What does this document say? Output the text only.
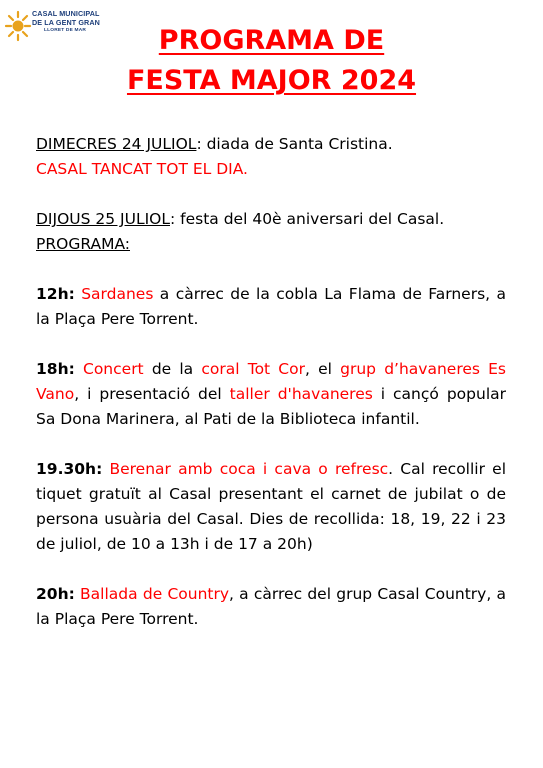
CASAL MUNICIPAL
DE LA GENT GRAN
LLORET DE MAR	PROGRAMA DE
FESTA MAJOR 2024

DIMECRES 24 JULIOL: diada de Santa Cristina.

CASAL TANCAT TOT EL DIA.

DIJOUS 25 JULIOL: festa del 40è aniversari del Casal.

PROGRAMA:

12h: Sardanes a càrrec de la cobla La Flama de Farners, a la Plaça Pere Torrent.

18h: Concert de la coral Tot Cor, el grup d’havaneres Es Vano, i presentació del taller d'havaneres i cançó popular Sa Dona Marinera, al Pati de la Biblioteca infantil.

19.30h: Berenar amb coca i cava o refresc. Cal recollir el tiquet gratuït al Casal presentant el carnet de jubilat o de persona usuària del Casal. Dies de recollida: 18, 19, 22 i 23 de juliol, de 10 a 13h i de 17 a 20h)

20h: Ballada de Country, a càrrec del grup Casal Country, a la Plaça Pere Torrent.
